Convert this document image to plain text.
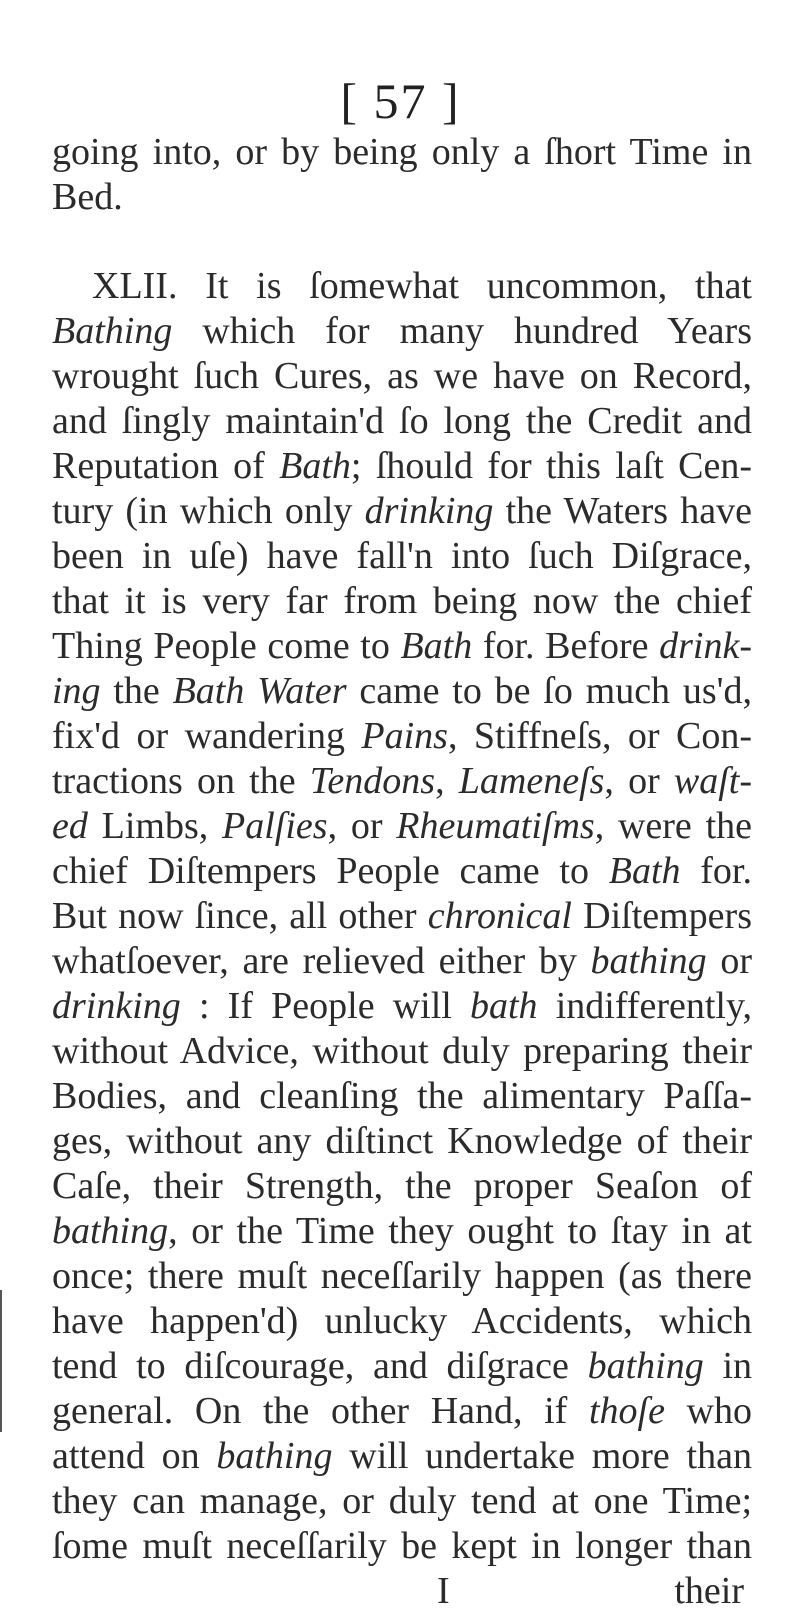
[ 57 ]
going into, or by being only a ſhort Time in
Bed.
XLII. It is ſomewhat uncommon, that
Bathing which for many hundred Years
wrought ſuch Cures, as we have on Record,
and ſingly maintain'd ſo long the Credit and
Reputation of Bath; ſhould for this laſt Cen-
tury (in which only drinking the Waters have
been in uſe) have fall'n into ſuch Diſgrace,
that it is very far from being now the chief
Thing People come to Bath for. Before drink-
ing the Bath Water came to be ſo much us'd,
fix'd or wandering Pains, Stiffneſs, or Con-
tractions on the Tendons, Lameneſs, or waſt-
ed Limbs, Palſies, or Rheumatiſms, were the
chief Diſtempers People came to Bath for.
But now ſince, all other chronical Diſtempers
whatſoever, are relieved either by bathing or
drinking : If People will bath indifferently,
without Advice, without duly preparing their
Bodies, and cleanſing the alimentary Paſſa-
ges, without any diſtinct Knowledge of their
Caſe, their Strength, the proper Seaſon of
bathing, or the Time they ought to ſtay in at
once; there muſt neceſſarily happen (as there
have happen'd) unlucky Accidents, which
tend to diſcourage, and diſgrace bathing in
general. On the other Hand, if thoſe who
attend on bathing will undertake more than
they can manage, or duly tend at one Time;
ſome muſt neceſſarily be kept in longer than
I	their
